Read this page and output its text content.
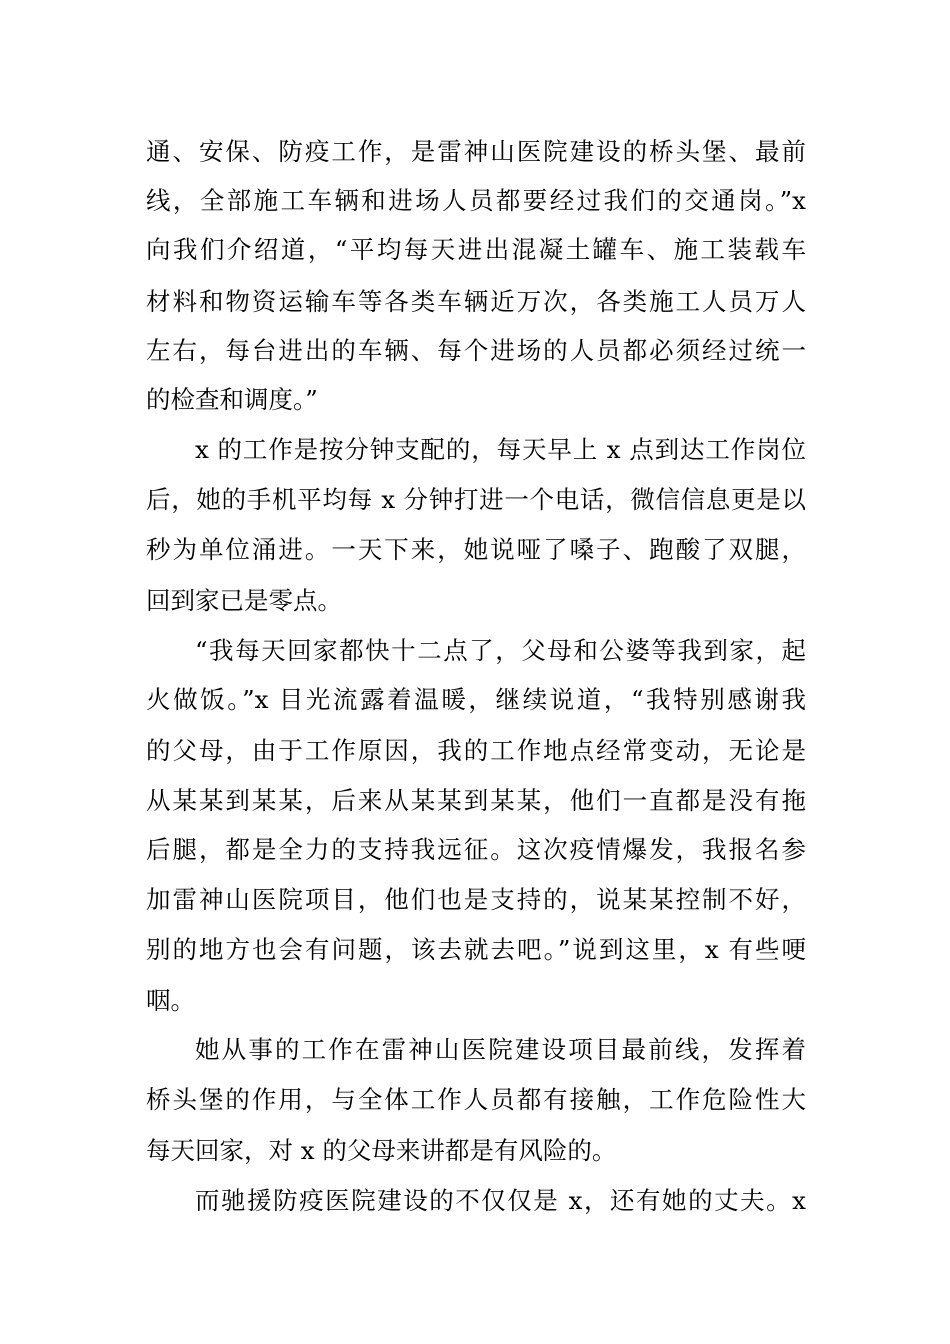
通、安保、防疫工作，是雷神山医院建设的桥头堡、最前
线，全部施工车辆和进场人员都要经过我们的交通岗。”x
向我们介绍道，“平均每天进出混凝土罐车、施工装载车
材料和物资运输车等各类车辆近万次，各类施工人员万人
左右，每台进出的车辆、每个进场的人员都必须经过统一
的检查和调度。”
x 的工作是按分钟支配的，每天早上 x 点到达工作岗位
后，她的手机平均每 x 分钟打进一个电话，微信信息更是以
秒为单位涌进。一天下来，她说哑了嗓子、跑酸了双腿，
回到家已是零点。
“我每天回家都快十二点了，父母和公婆等我到家，起
火做饭。”x 目光流露着温暖，继续说道，“我特别感谢我
的父母，由于工作原因，我的工作地点经常变动，无论是
从某某到某某，后来从某某到某某，他们一直都是没有拖
后腿，都是全力的支持我远征。这次疫情爆发，我报名参
加雷神山医院项目，他们也是支持的，说某某控制不好，
别的地方也会有问题，该去就去吧。”说到这里，x 有些哽
咽。
她从事的工作在雷神山医院建设项目最前线，发挥着
桥头堡的作用，与全体工作人员都有接触，工作危险性大
每天回家，对 x 的父母来讲都是有风险的。
而驰援防疫医院建设的不仅仅是 x，还有她的丈夫。x
